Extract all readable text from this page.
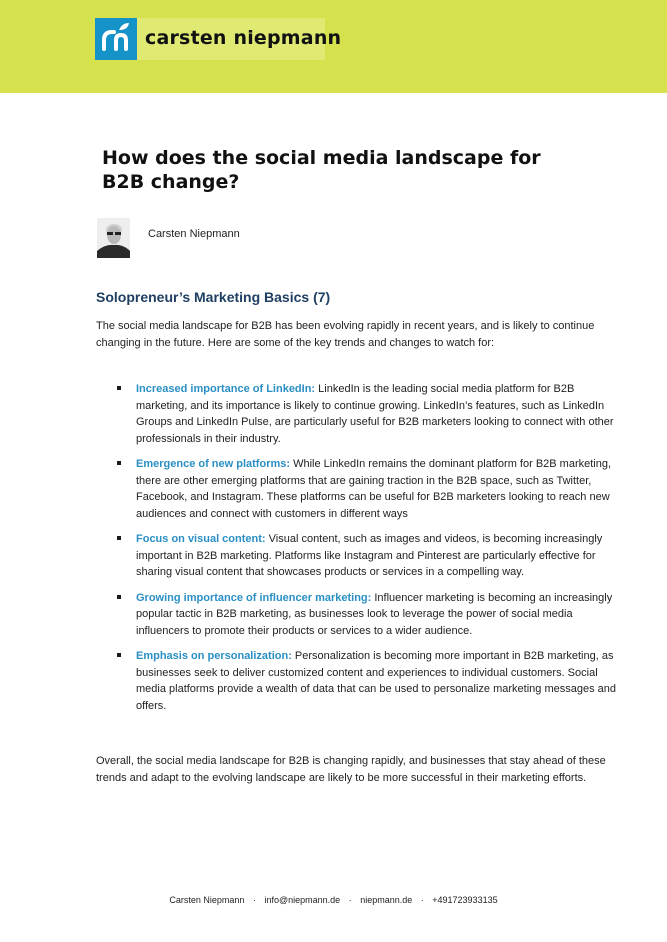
carsten niepmann
How does the social media landscape for B2B change?
Carsten Niepmann
Solopreneur’s Marketing Basics (7)

The social media landscape for B2B has been evolving rapidly in recent years, and is likely to continue changing in the future. Here are some of the key trends and changes to watch for:

Increased importance of LinkedIn: LinkedIn is the leading social media platform for B2B marketing, and its importance is likely to continue growing. LinkedIn’s features, such as LinkedIn Groups and LinkedIn Pulse, are particularly useful for B2B marketers looking to connect with other professionals in their industry.
Emergence of new platforms: While LinkedIn remains the dominant platform for B2B marketing, there are other emerging platforms that are gaining traction in the B2B space, such as Twitter, Facebook, and Instagram. These platforms can be useful for B2B marketers looking to reach new audiences and connect with customers in different ways
Focus on visual content: Visual content, such as images and videos, is becoming increasingly important in B2B marketing. Platforms like Instagram and Pinterest are particularly effective for sharing visual content that showcases products or services in a compelling way.
Growing importance of influencer marketing: Influencer marketing is becoming an increasingly popular tactic in B2B marketing, as businesses look to leverage the power of social media influencers to promote their products or services to a wider audience.
Emphasis on personalization: Personalization is becoming more important in B2B marketing, as businesses seek to deliver customized content and experiences to individual customers. Social media platforms provide a wealth of data that can be used to personalize marketing messages and offers.

Overall, the social media landscape for B2B is changing rapidly, and businesses that stay ahead of these trends and adapt to the evolving landscape are likely to be more successful in their marketing efforts.

Carsten Niepmann · info@niepmann.de · niepmann.de · +491723933135
